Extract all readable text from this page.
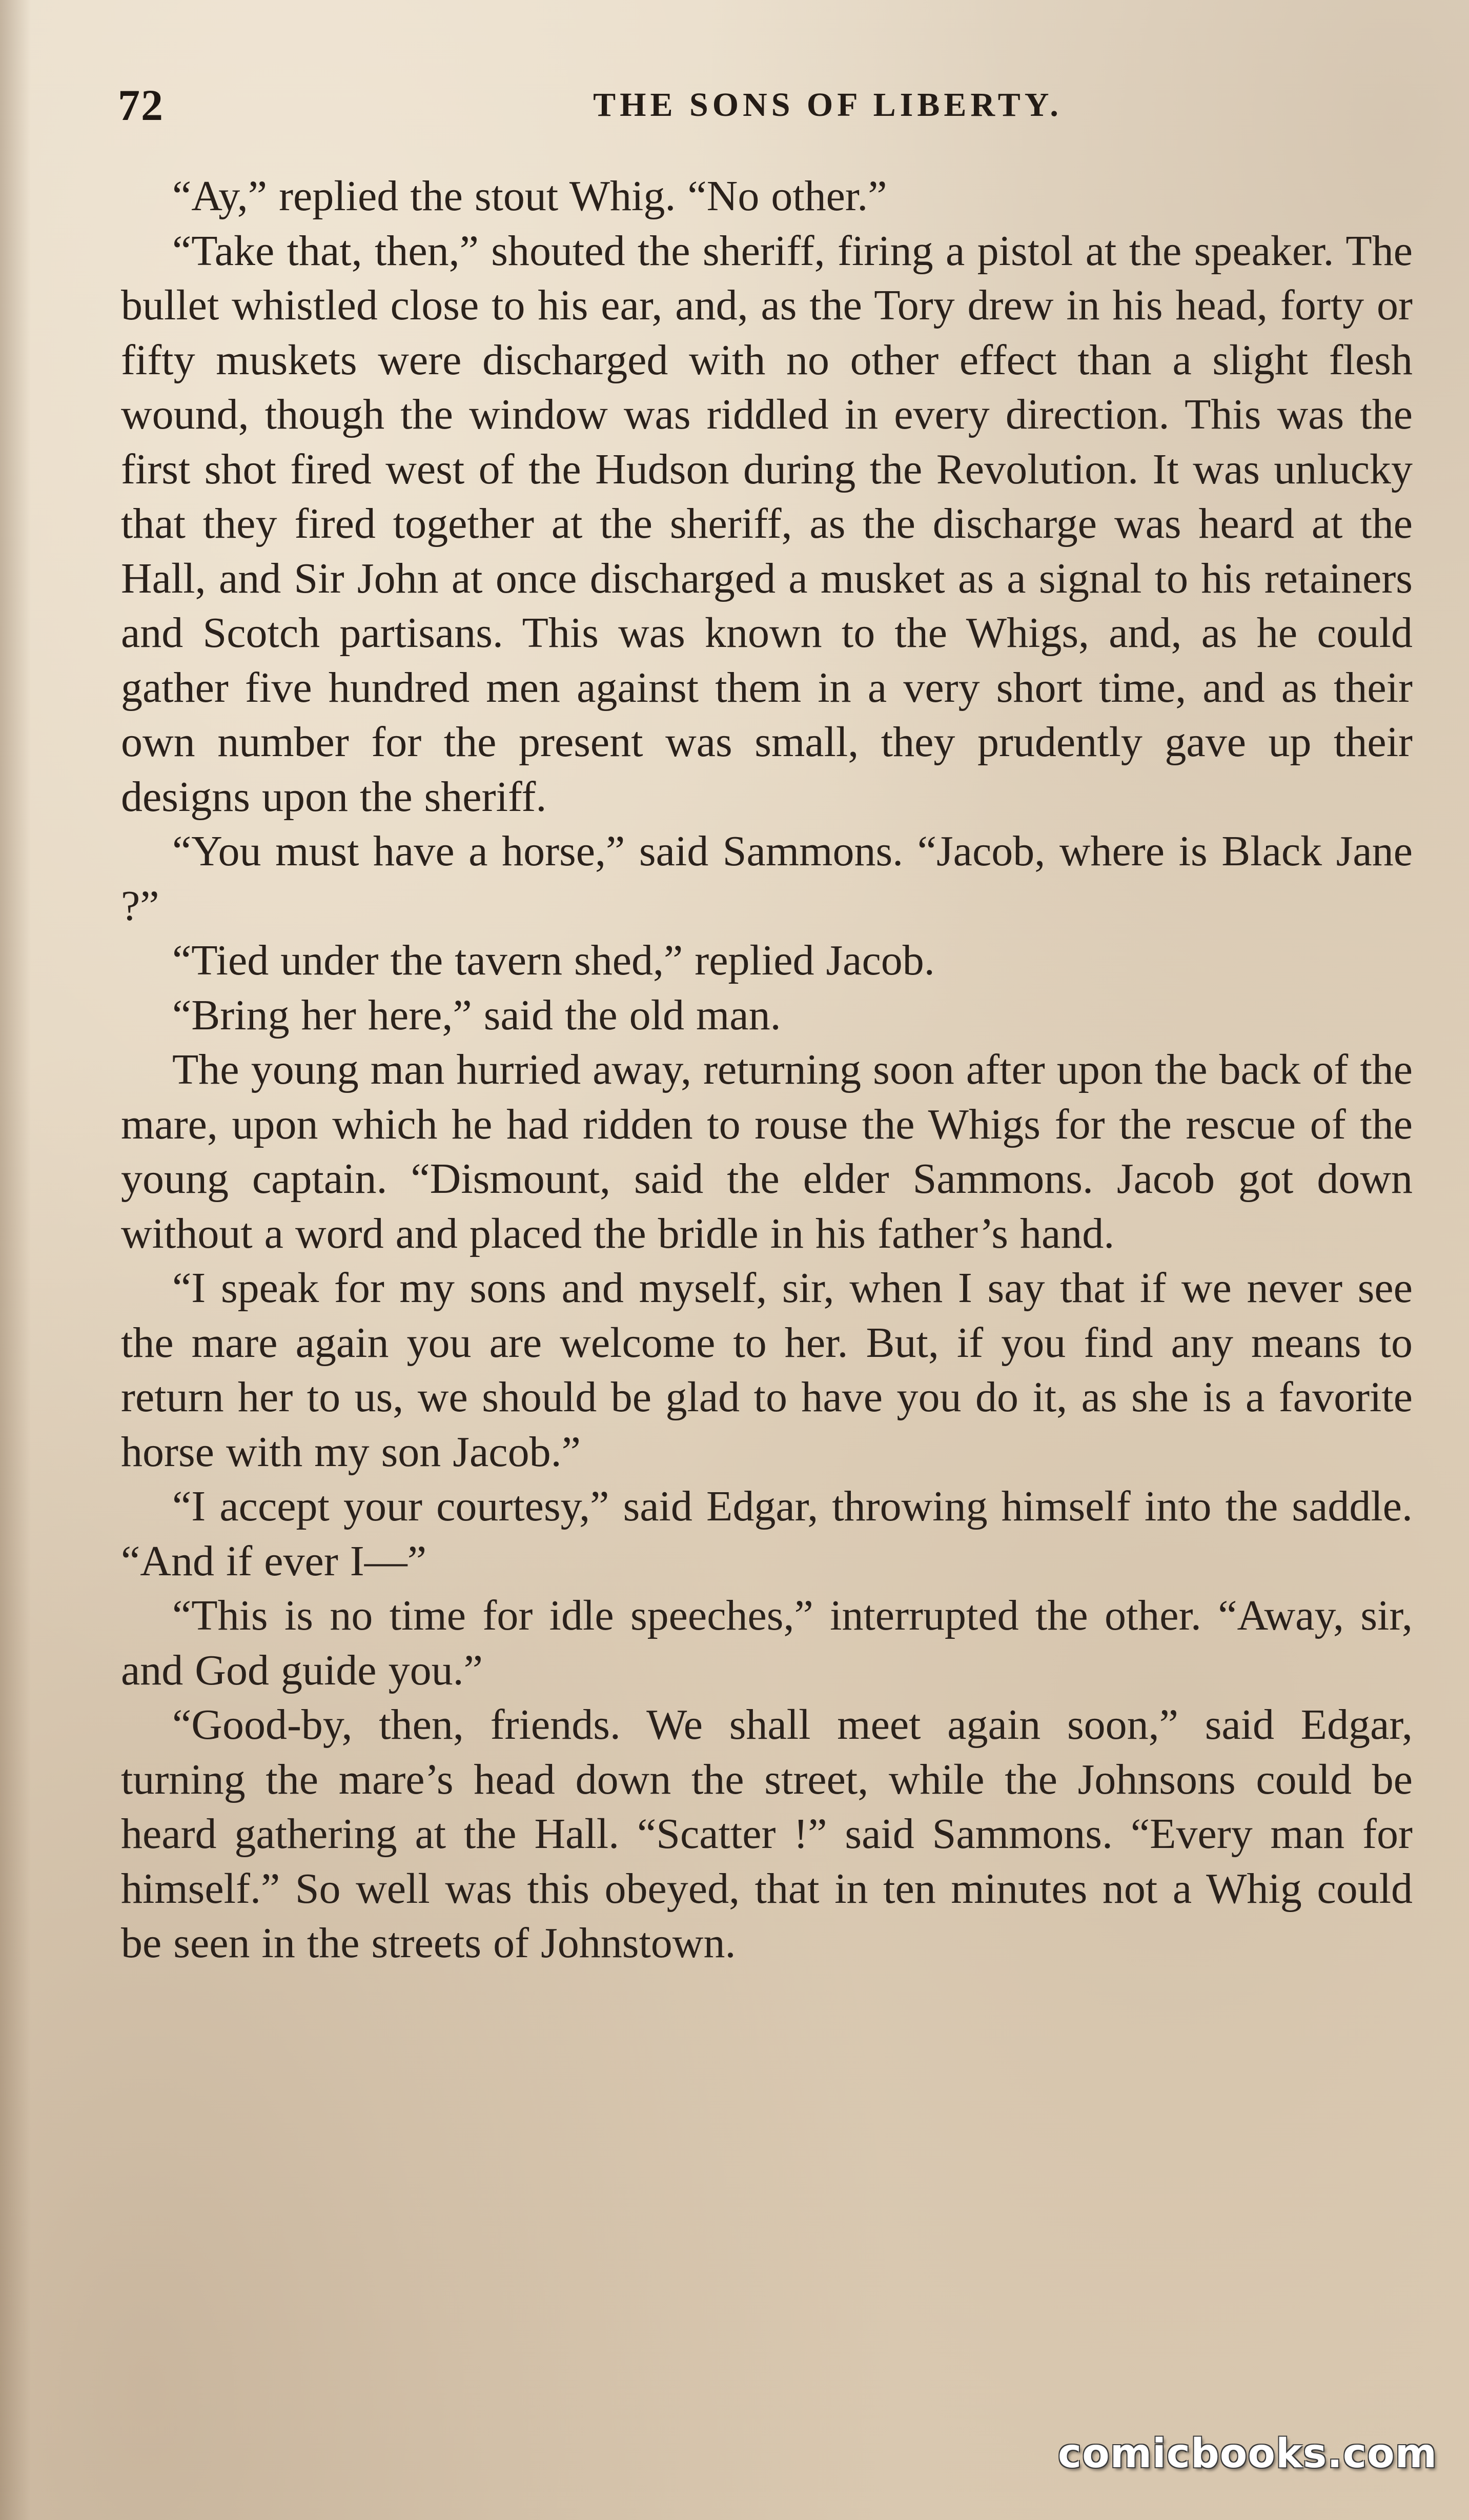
72	THE SONS OF LIBERTY.

“Ay,” replied the stout Whig. “No other.”

“Take that, then,” shouted the sheriff, firing a pistol at the speaker. The bullet whistled close to his ear, and, as the Tory drew in his head, forty or fifty muskets were discharged with no other effect than a slight flesh wound, though the window was riddled in every direction. This was the first shot fired west of the Hudson during the Revolution. It was unlucky that they fired together at the sheriff, as the discharge was heard at the Hall, and Sir John at once discharged a musket as a signal to his retainers and Scotch partisans. This was known to the Whigs, and, as he could gather five hundred men against them in a very short time, and as their own number for the present was small, they prudently gave up their designs upon the sheriff.

“You must have a horse,” said Sammons. “Jacob, where is Black Jane ?”

“Tied under the tavern shed,” replied Jacob.

“Bring her here,” said the old man.

The young man hurried away, returning soon after upon the back of the mare, upon which he had ridden to rouse the Whigs for the rescue of the young captain. “Dismount, said the elder Sammons. Jacob got down without a word and placed the bridle in his father’s hand.

“I speak for my sons and myself, sir, when I say that if we never see the mare again you are welcome to her. But, if you find any means to return her to us, we should be glad to have you do it, as she is a favorite horse with my son Jacob.”

“I accept your courtesy,” said Edgar, throwing himself into the saddle. “And if ever I—”

“This is no time for idle speeches,” interrupted the other. “Away, sir, and God guide you.”

“Good-by, then, friends. We shall meet again soon,” said Edgar, turning the mare’s head down the street, while the Johnsons could be heard gathering at the Hall. “Scatter !” said Sammons. “Every man for himself.” So well was this obeyed, that in ten minutes not a Whig could be seen in the streets of Johnstown.

comicbooks.com
